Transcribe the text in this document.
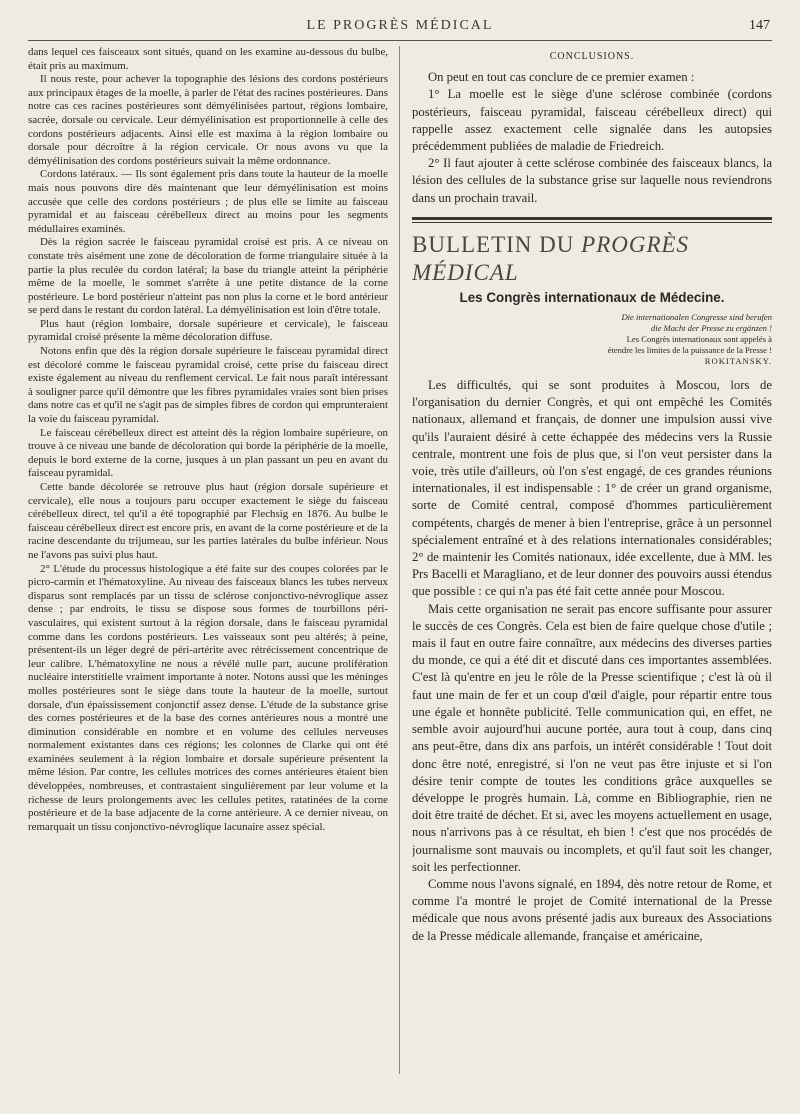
LE PROGRÈS MÉDICAL	147

dans lequel ces faisceaux sont situés, quand on les examine au-dessous du bulbe, était pris au maximum.

Il nous reste, pour achever la topographie des lésions des cordons postérieurs aux principaux étages de la moelle, à parler de l'état des racines postérieures. Dans notre cas ces racines postérieures sont démyélinisées partout, régions lombaire, sacrée, dorsale ou cervicale. Leur démyélinisation est proportionnelle à celle des cordons postérieurs adjacents. Ainsi elle est maxima à la région lombaire ou dorsale pour décroître à la région cervicale. Or nous avons vu que la démyélinisation des cordons postérieurs suivait la même ordonnance.

Cordons latéraux. — Ils sont également pris dans toute la hauteur de la moelle mais nous pouvons dire dès maintenant que leur démyélinisation est moins accusée que celle des cordons postérieurs ; de plus elle se limite au faisceau pyramidal et au faisceau cérébelleux direct au moins pour les segments médullaires examinés.

Dès la région sacrée le faisceau pyramidal croisé est pris. A ce niveau on constate très aisément une zone de décoloration de forme triangulaire située à la partie la plus reculée du cordon latéral; la base du triangle atteint la périphérie même de la moelle, le sommet s'arrête à une petite distance de la corne postérieure. Le bord postérieur n'atteint pas non plus la corne et le bord antérieur se perd dans le restant du cordon latéral. La démyélinisation est loin d'être totale.

Plus haut (région lombaire, dorsale supérieure et cervicale), le faisceau pyramidal croisé présente la même décoloration diffuse.

Notons enfin que dès la région dorsale supérieure le faisceau pyramidal direct est décoloré comme le faisceau pyramidal croisé, cette prise du faisceau direct existe également au niveau du renflement cervical. Le fait nous paraît intéressant à souligner parce qu'il démontre que les fibres pyramidales vraies sont bien prises dans notre cas et qu'il ne s'agit pas de simples fibres de cordon qui emprunteraient la voie du faisceau pyramidal.

Le faisceau cérébelleux direct est atteint dès la région lombaire supérieure, on trouve à ce niveau une bande de décoloration qui borde la périphérie de la moelle, depuis le bord externe de la corne, jusques à un plan passant un peu en avant du faisceau pyramidal.

Cette bande décolorée se retrouve plus haut (région dorsale supérieure et cervicale), elle nous a toujours paru occuper exactement le siège du faisceau cérébelleux direct, tel qu'il a été topographié par Flechsig en 1876. Au bulbe le faisceau cérébelleux direct est encore pris, en avant de la corne postérieure et de la racine descendante du trijumeau, sur les parties latérales du bulbe inférieur. Nous ne l'avons pas suivi plus haut.

2° L'étude du processus histologique a été faite sur des coupes colorées par le picro-carmin et l'hématoxyline. Au niveau des faisceaux blancs les tubes nerveux disparus sont remplacés par un tissu de sclérose conjonctivo-névroglique assez dense ; par endroits, le tissu se dispose sous formes de tourbillons péri-vasculaires, qui existent surtout à la région dorsale, dans le faisceau pyramidal comme dans les cordons postérieurs. Les vaisseaux sont peu altérés; à peine, présentent-ils un léger degré de péri-artérite avec rétrécissement concentrique de leur calibre. L'hématoxyline ne nous a révélé nulle part, aucune prolifération nucléaire interstitielle vraiment importante à noter. Notons aussi que les méninges molles postérieures sont le siège dans toute la hauteur de la moelle, surtout dorsale, d'un épaississement conjonctif assez dense. L'étude de la substance grise des cornes postérieures et de la base des cornes antérieures nous a montré une diminution considérable en nombre et en volume des cellules nerveuses normalement existantes dans ces régions; les colonnes de Clarke qui ont été examinées seulement à la région lombaire et dorsale supérieure présentent la même lésion. Par contre, les cellules motrices des cornes antérieures étaient bien développées, nombreuses, et contrastaient singulièrement par leur volume et la richesse de leurs prolongements avec les cellules petites, ratatinées de la corne postérieure et de la base adjacente de la corne antérieure. A ce dernier niveau, on remarquait un tissu conjonctivo-névroglique lacunaire assez spécial.

CONCLUSIONS.

On peut en tout cas conclure de ce premier examen :

1° La moelle est le siège d'une sclérose combinée (cordons postérieurs, faisceau pyramidal, faisceau cérébelleux direct) qui rappelle assez exactement celle signalée dans les autopsies précédemment publiées de maladie de Friedreich.

2° Il faut ajouter à cette sclérose combinée des faisceaux blancs, la lésion des cellules de la substance grise sur laquelle nous reviendrons dans un prochain travail.

BULLETIN DU PROGRÈS MÉDICAL
Les Congrès internationaux de Médecine.
Die internationalen Congresse sind berufen
die Macht der Presse zu ergänzen !
Les Congrès internationaux sont appelés à
étendre les limites de la puissance de la Presse !
ROKITANSKY.

Les difficultés, qui se sont produites à Moscou, lors de l'organisation du dernier Congrès, et qui ont empêché les Comités nationaux, allemand et français, de donner une impulsion aussi vive qu'ils l'auraient désiré à cette échappée des médecins vers la Russie centrale, montrent une fois de plus que, si l'on veut persister dans la voie, très utile d'ailleurs, où l'on s'est engagé, de ces grandes réunions internationales, il est indispensable : 1° de créer un grand organisme, sorte de Comité central, composé d'hommes particulièrement compétents, chargés de mener à bien l'entreprise, grâce à un personnel spécialement entraîné et à des relations internationales considérables; 2° de maintenir les Comités nationaux, idée excellente, due à MM. les Prs Bacelli et Maragliano, et de leur donner des pouvoirs aussi étendus que possible : ce qui n'a pas été fait cette année pour Moscou.

Mais cette organisation ne serait pas encore suffisante pour assurer le succès de ces Congrès. Cela est bien de faire quelque chose d'utile ; mais il faut en outre faire connaître, aux médecins des diverses parties du monde, ce qui a été dit et discuté dans ces importantes assemblées. C'est là qu'entre en jeu le rôle de la Presse scientifique ; c'est là où il faut une main de fer et un coup d'œil d'aigle, pour répartir entre tous une égale et honnête publicité. Telle communication qui, en effet, ne semble avoir aujourd'hui aucune portée, aura tout à coup, dans cinq ans peut-être, dans dix ans parfois, un intérêt considérable ! Tout doit donc être noté, enregistré, si l'on ne veut pas être injuste et si l'on désire tenir compte de toutes les conditions grâce auxquelles se développe le progrès humain. Là, comme en Bibliographie, rien ne doit être traité de déchet. Et si, avec les moyens actuellement en usage, nous n'arrivons pas à ce résultat, eh bien ! c'est que nos procédés de journalisme sont mauvais ou incomplets, et qu'il faut soit les changer, soit les perfectionner.

Comme nous l'avons signalé, en 1894, dès notre retour de Rome, et comme l'a montré le projet de Comité international de la Presse médicale que nous avons présenté jadis aux bureaux des Associations de la Presse médicale allemande, française et américaine,
